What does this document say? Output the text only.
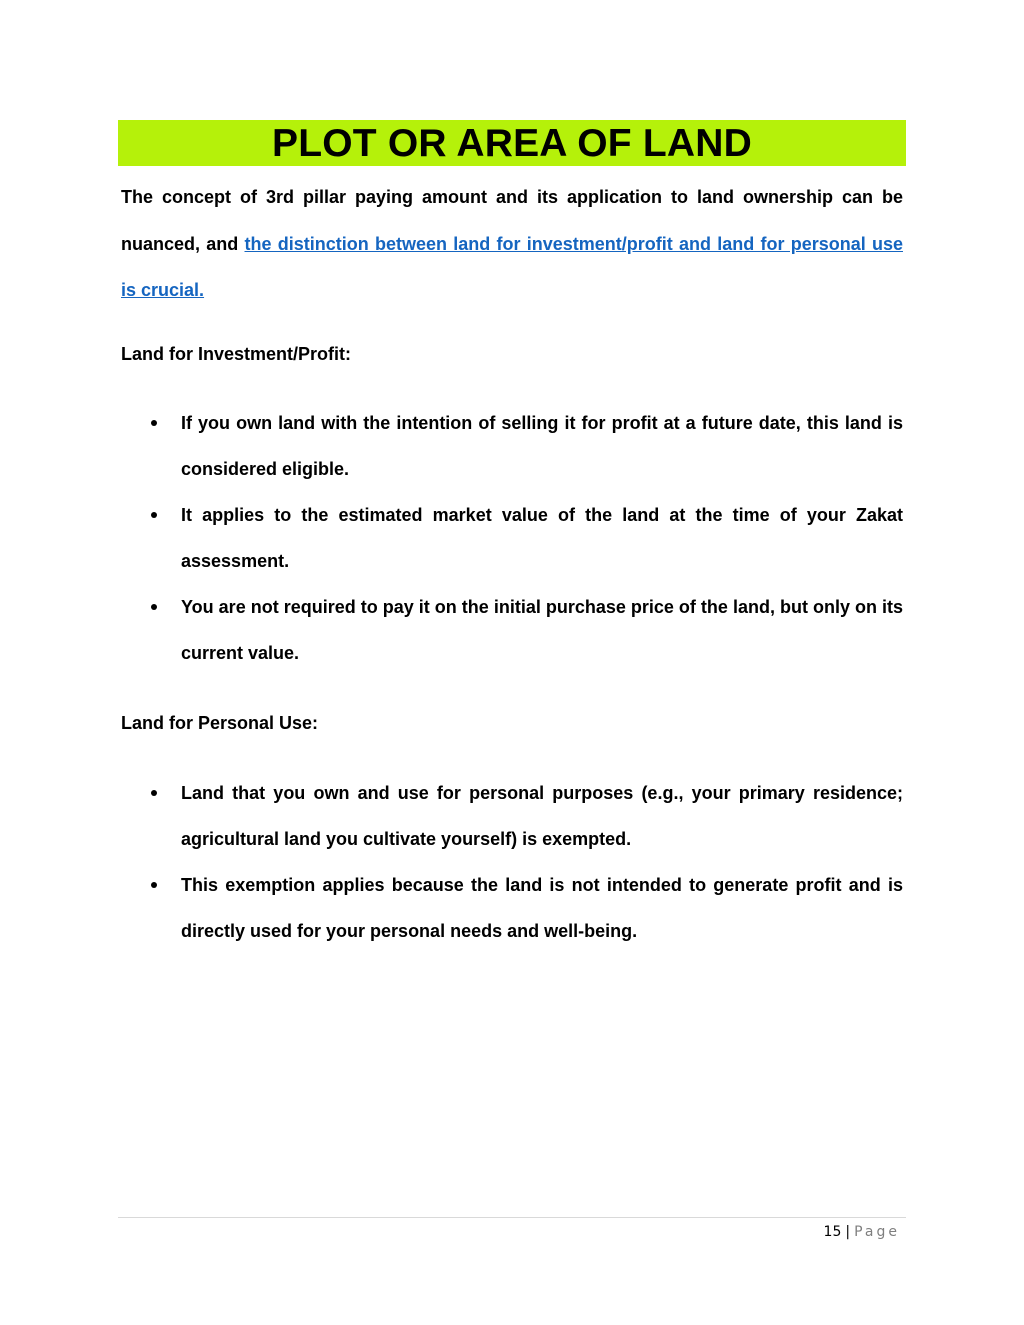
PLOT OR AREA OF LAND

The concept of 3rd pillar paying amount and its application to land ownership can be nuanced, and the distinction between land for investment/profit and land for personal use is crucial.

Land for Investment/Profit:

If you own land with the intention of selling it for profit at a future date, this land is considered eligible.
It applies to the estimated market value of the land at the time of your Zakat assessment.
You are not required to pay it on the initial purchase price of the land, but only on its current value.

Land for Personal Use:

Land that you own and use for personal purposes (e.g., your primary residence; agricultural land you cultivate yourself) is exempted.
This exemption applies because the land is not intended to generate profit and is directly used for your personal needs and well-being.
15 | Page
